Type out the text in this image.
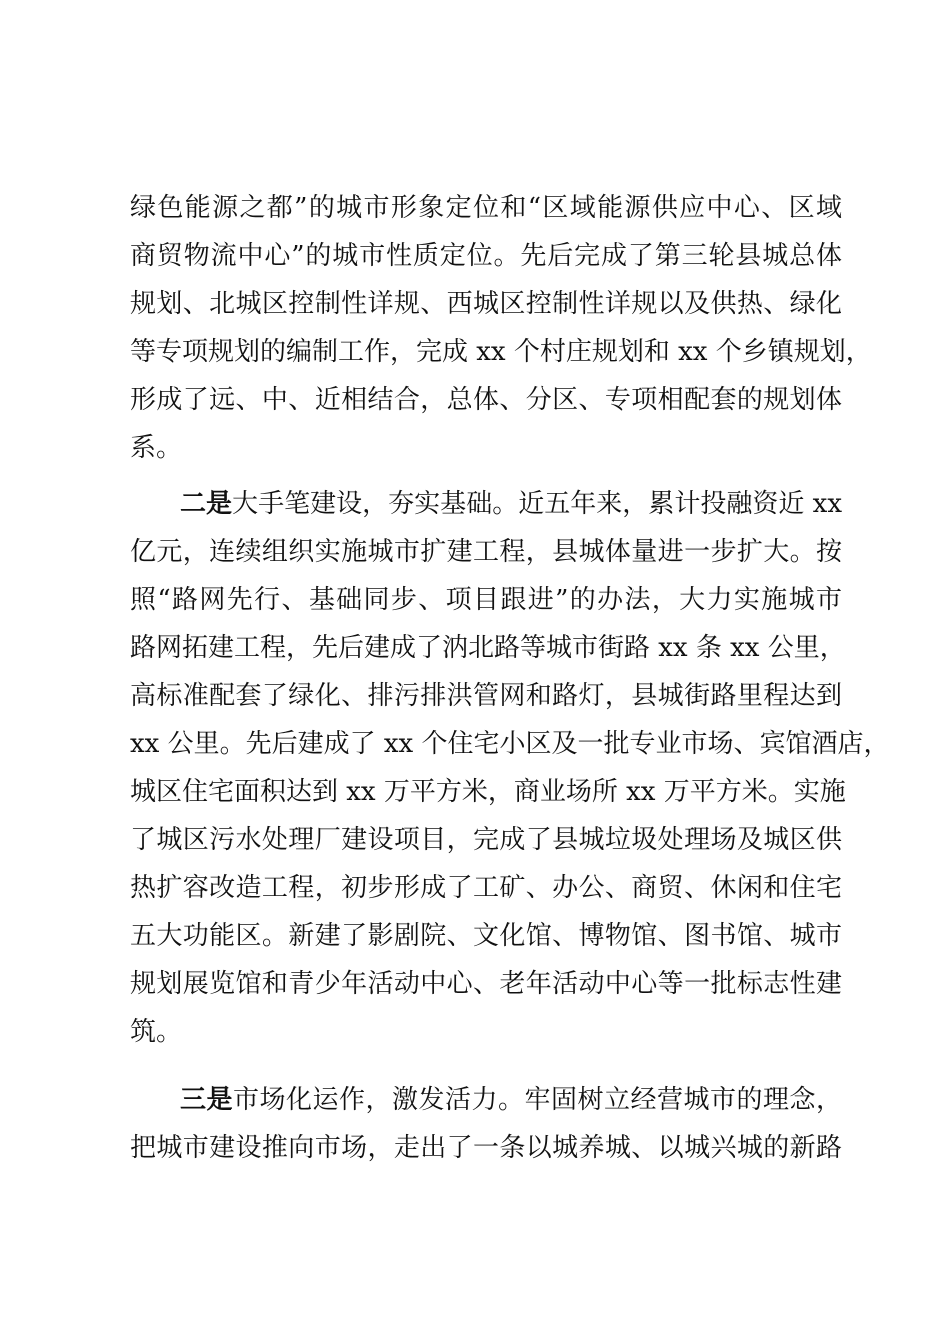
绿色能源之都”的城市形象定位和“区域能源供应中心、区域
商贸物流中心”的城市性质定位。先后完成了第三轮县城总体
规划、北城区控制性详规、西城区控制性详规以及供热、绿化
等专项规划的编制工作，完成 xx 个村庄规划和 xx 个乡镇规划，
形成了远、中、近相结合，总体、分区、专项相配套的规划体
系。
二是大手笔建设，夯实基础。近五年来，累计投融资近 xx
亿元，连续组织实施城市扩建工程，县城体量进一步扩大。按
照“路网先行、基础同步、项目跟进”的办法，大力实施城市
路网拓建工程，先后建成了汭北路等城市街路 xx 条 xx 公里，
高标准配套了绿化、排污排洪管网和路灯，县城街路里程达到
xx 公里。先后建成了 xx 个住宅小区及一批专业市场、宾馆酒店，
城区住宅面积达到 xx 万平方米，商业场所 xx 万平方米。实施
了城区污水处理厂建设项目，完成了县城垃圾处理场及城区供
热扩容改造工程，初步形成了工矿、办公、商贸、休闲和住宅
五大功能区。新建了影剧院、文化馆、博物馆、图书馆、城市
规划展览馆和青少年活动中心、老年活动中心等一批标志性建
筑。
三是市场化运作，激发活力。牢固树立经营城市的理念，
把城市建设推向市场，走出了一条以城养城、以城兴城的新路
